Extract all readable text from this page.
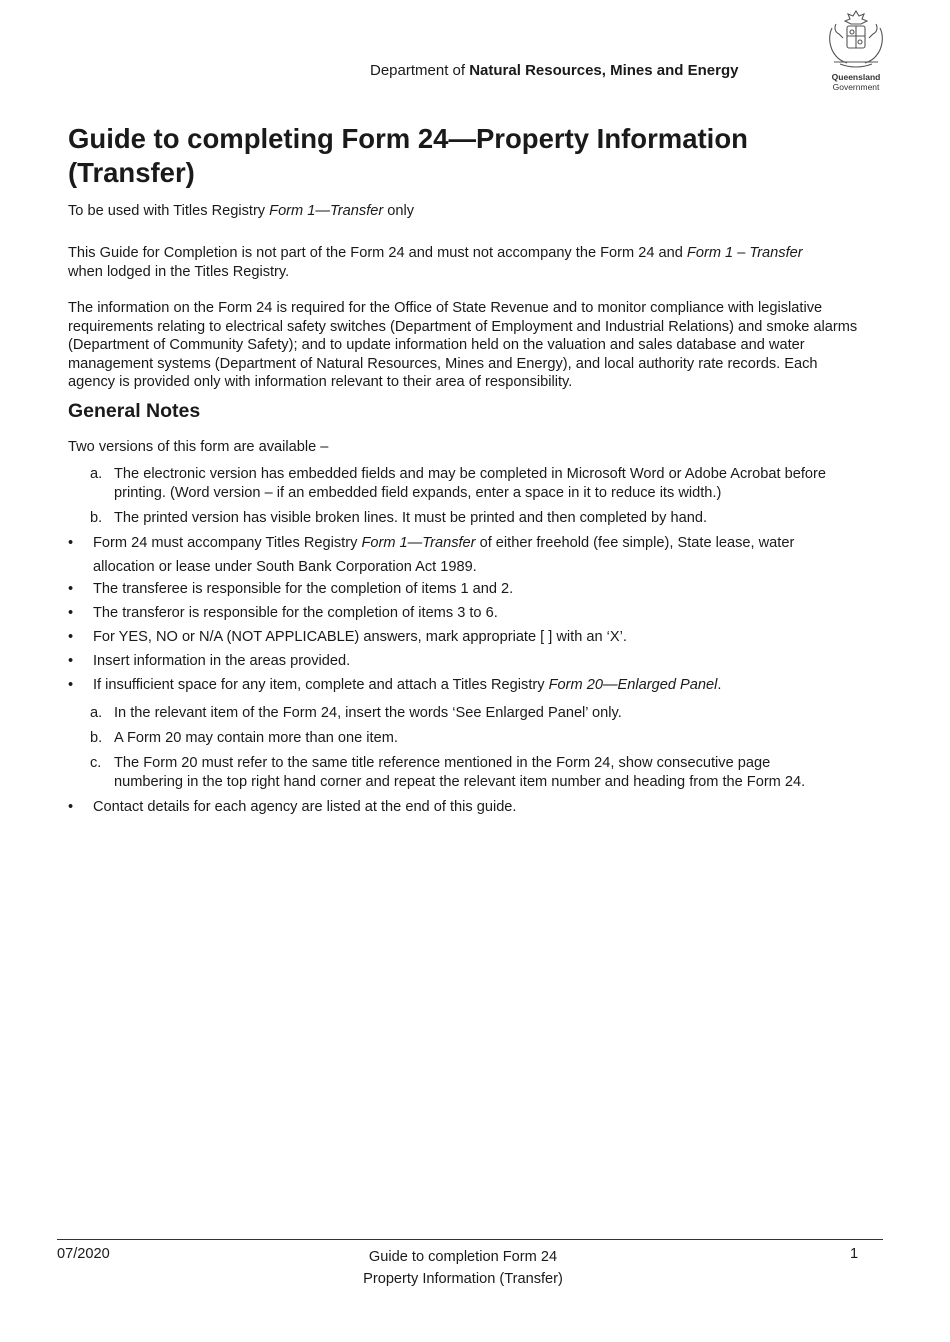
Department of Natural Resources, Mines and Energy	Queensland
Government
Guide to completing Form 24—Property Information
(Transfer)

To be used with Titles Registry Form 1—Transfer only

This Guide for Completion is not part of the Form 24 and must not accompany the Form 24 and Form 1 – Transfer when lodged in the Titles Registry.

The information on the Form 24 is required for the Office of State Revenue and to monitor compliance with legislative requirements relating to electrical safety switches (Department of Employment and Industrial Relations) and smoke alarms (Department of Community Safety); and to update information held on the valuation and sales database and water management systems (Department of Natural Resources, Mines and Energy), and local authority rate records. Each agency is provided only with information relevant to their area of responsibility.

General Notes

Two versions of this form are available –

a. The electronic version has embedded fields and may be completed in Microsoft Word or Adobe Acrobat before
printing. (Word version – if an embedded field expands, enter a space in it to reduce its width.)
b. The printed version has visible broken lines. It must be printed and then completed by hand.
• Form 24 must accompany Titles Registry Form 1—Transfer of either freehold (fee simple), State lease, water
allocation or lease under South Bank Corporation Act 1989.
• The transferee is responsible for the completion of items 1 and 2.
• The transferor is responsible for the completion of items 3 to 6.
• For YES, NO or N/A (NOT APPLICABLE) answers, mark appropriate [ ] with an ‘X’.
• Insert information in the areas provided.
• If insufficient space for any item, complete and attach a Titles Registry Form 20—Enlarged Panel.
a. In the relevant item of the Form 24, insert the words ‘See Enlarged Panel’ only.
b. A Form 20 may contain more than one item.
c. The Form 20 must refer to the same title reference mentioned in the Form 24, show consecutive page
numbering in the top right hand corner and repeat the relevant item number and heading from the Form 24.
• Contact details for each agency are listed at the end of this guide.
07/2020	Guide to completion Form 24
Property Information (Transfer)
1
